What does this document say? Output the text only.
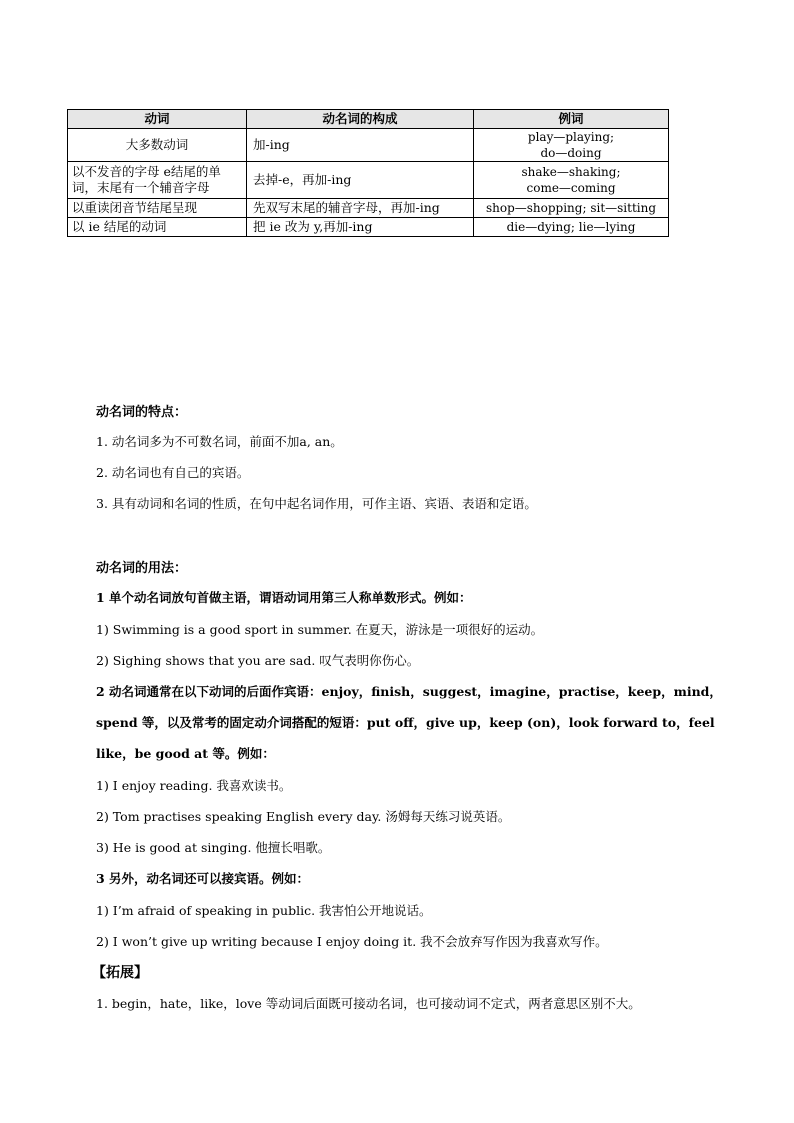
动词	动名词的构成	例词
大多数动词	加-ing	play—playing;
do—doing

以不发音的字母 e结尾的单词，末尾有一个辅音字母	去掉-e，再加-ing	shake—shaking;
come—coming

以重读闭音节结尾呈现	先双写末尾的辅音字母，再加-ing	shop—shopping; sit—sitting
以 ie 结尾的动词	把 ie 改为 y,再加-ing	die—dying; lie—lying
动名词的特点：
1. 动名词多为不可数名词，前面不加a, an。
2. 动名词也有自己的宾语。
3. 具有动词和名词的性质，在句中起名词作用，可作主语、宾语、表语和定语。
动名词的用法：
1 单个动名词放句首做主语，谓语动词用第三人称单数形式。例如：
1) Swimming is a good sport in summer. 在夏天，游泳是一项很好的运动。
2) Sighing shows that you are sad. 叹气表明你伤心。
2 动名词通常在以下动词的后面作宾语：enjoy，finish，suggest，imagine，practise，keep，mind，
spend 等，以及常考的固定动介词搭配的短语：put off，give up，keep (on)，look forward to，feel
like，be good at 等。例如：
1) I enjoy reading. 我喜欢读书。
2) Tom practises speaking English every day. 汤姆每天练习说英语。
3) He is good at singing. 他擅长唱歌。
3 另外，动名词还可以接宾语。例如：
1) I’m afraid of speaking in public. 我害怕公开地说话。
2) I won’t give up writing because I enjoy doing it. 我不会放弃写作因为我喜欢写作。
【拓展】
1. begin，hate，like，love 等动词后面既可接动名词，也可接动词不定式，两者意思区别不大。
